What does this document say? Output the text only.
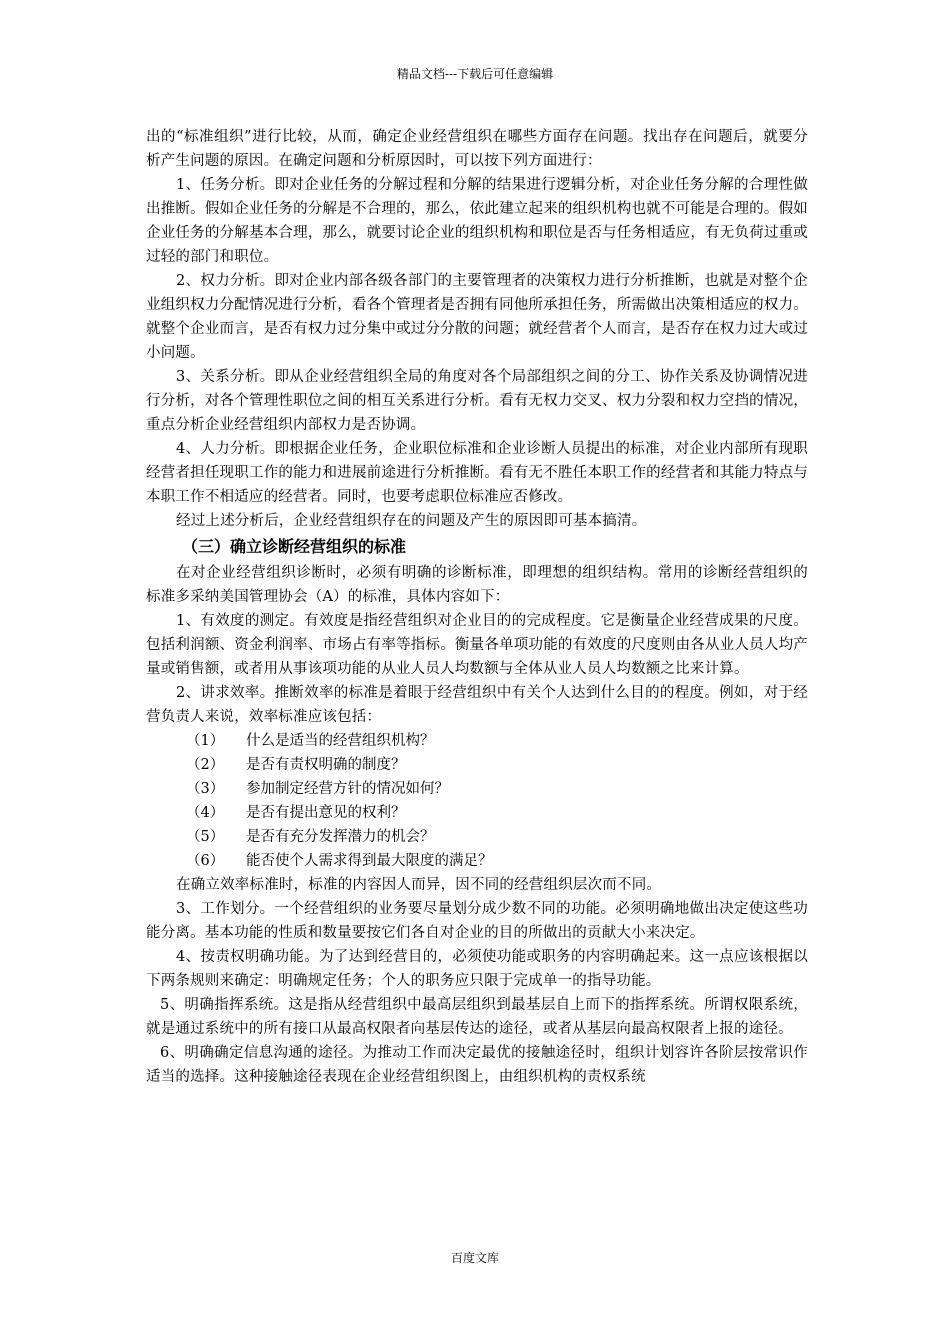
精品文档---下载后可任意编辑

出的“标准组织”进行比较，从而，确定企业经营组织在哪些方面存在问题。找出存在问题后，就要分析产生问题的原因。在确定问题和分析原因时，可以按下列方面进行：

1、任务分析。即对企业任务的分解过程和分解的结果进行逻辑分析，对企业任务分解的合理性做出推断。假如企业任务的分解是不合理的，那么，依此建立起来的组织机构也就不可能是合理的。假如企业任务的分解基本合理，那么，就要讨论企业的组织机构和职位是否与任务相适应，有无负荷过重或过轻的部门和职位。

2、权力分析。即对企业内部各级各部门的主要管理者的决策权力进行分析推断，也就是对整个企业组织权力分配情况进行分析，看各个管理者是否拥有同他所承担任务，所需做出决策相适应的权力。就整个企业而言，是否有权力过分集中或过分分散的问题；就经营者个人而言，是否存在权力过大或过小问题。

3、关系分析。即从企业经营组织全局的角度对各个局部组织之间的分工、协作关系及协调情况进行分析，对各个管理性职位之间的相互关系进行分析。看有无权力交叉、权力分裂和权力空挡的情况，重点分析企业经营组织内部权力是否协调。

4、人力分析。即根据企业任务，企业职位标准和企业诊断人员提出的标准，对企业内部所有现职经营者担任现职工作的能力和进展前途进行分析推断。看有无不胜任本职工作的经营者和其能力特点与本职工作不相适应的经营者。同时，也要考虑职位标准应否修改。

经过上述分析后，企业经营组织存在的问题及产生的原因即可基本搞清。

（三）确立诊断经营组织的标准

在对企业经营组织诊断时，必须有明确的诊断标准，即理想的组织结构。常用的诊断经营组织的标准多采纳美国管理协会（A）的标准，具体内容如下：

1、有效度的测定。有效度是指经营组织对企业目的的完成程度。它是衡量企业经营成果的尺度。包括利润额、资金利润率、市场占有率等指标。衡量各单项功能的有效度的尺度则由各从业人员人均产量或销售额，或者用从事该项功能的从业人员人均数额与全体从业人员人均数额之比来计算。

2、讲求效率。推断效率的标准是着眼于经营组织中有关个人达到什么目的的程度。例如，对于经营负责人来说，效率标准应该包括：

（1）	什么是适当的经营组织机构？
（2）	是否有责权明确的制度？
（3）	参加制定经营方针的情况如何？
（4）	是否有提出意见的权利？
（5）	是否有充分发挥潜力的机会？
（6）	能否使个人需求得到最大限度的满足？

在确立效率标准时，标准的内容因人而异，因不同的经营组织层次而不同。

3、工作划分。一个经营组织的业务要尽量划分成少数不同的功能。必须明确地做出决定使这些功能分离。基本功能的性质和数量要按它们各自对企业的目的所做出的贡献大小来决定。

4、按责权明确功能。为了达到经营目的，必须使功能或职务的内容明确起来。这一点应该根据以下两条规则来确定：明确规定任务；个人的职务应只限于完成单一的指导功能。

5、明确指挥系统。这是指从经营组织中最高层组织到最基层自上而下的指挥系统。所谓权限系统，就是通过系统中的所有接口从最高权限者向基层传达的途径，或者从基层向最高权限者上报的途径。

6、明确确定信息沟通的途径。为推动工作而决定最优的接触途径时，组织计划容许各阶层按常识作适当的选择。这种接触途径表现在企业经营组织图上，由组织机构的责权系统

百度文库
